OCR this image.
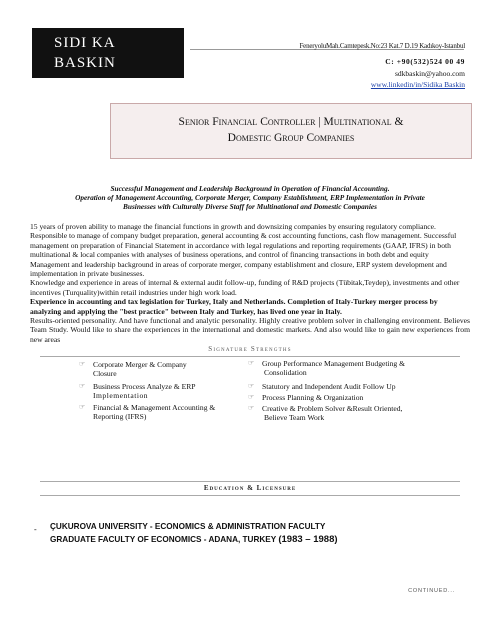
SIDI KA
BASKIN
FeneryoluMah.Camtepesk.No:23 Kat.7 D.19 Kadıkoy-Istanbul
C: +90(532)524 00 49
sdkbaskin@yahoo.com
www.linkedin/in/Sidika Baskin
Senior Financial Controller | Multinational &
Domestic Group Companies
Successful Management and Leadership Background in Operation of Financial Accounting.
Operation of Management Accounting, Corporate Merger, Company Establishment, ERP Implementation in Private
Businesses with Culturally Diverse Staff for Multinational and Domestic Companies

15 years of proven ability to manage the financial functions in growth and downsizing companies by ensuring regulatory compliance. Responsible to manage of company budget preparation, general accounting & cost accounting functions, cash flow management. Successful management on preparation of Financial Statement in accordance with legal regulations and reporting requirements (GAAP, IFRS) in both multinational & local companies with analyses of business operations, and control of financing transactions in both debt and equity

Management and leadership background in areas of corporate merger, company establishment and closure, ERP system development and implementation in private businesses.

Knowledge and experience in areas of internal & external audit follow-up, funding of R&D projects (Tübitak,Teydep), investments and other incentives (Turquality)within retail industries under high work load.

Experience in accounting and tax legislation for Turkey, Italy and Netherlands. Completion of Italy-Turkey merger process by analyzing and applying the "best practice" between Italy and Turkey, has lived one year in Italy.

Results-oriented personality. And have functional and analytic personality. Highly creative problem solver in challenging environment. Believes Team Study. Would like to share the experiences in the international and domestic markets. And also would like to gain new experiences from new areas

Signature Strengths
☞ Corporate Merger & Company
Closure
☞ Business Process Analyze & ERP
Implementation
☞ Financial & Management Accounting &
Reporting (IFRS)
☞ Group Performance Management Budgeting &
Consolidation
☞ Statutory and Independent Audit Follow Up
☞ Process Planning & Organization
☞ Creative & Problem Solver &Result Oriented,
Believe Team Work
Education & Licensure
- ÇUKUROVA UNIVERSITY - ECONOMICS & ADMINISTRATION FACULTY
GRADUATE FACULTY OF ECONOMICS - ADANA, TURKEY (1983 – 1988)
CONTINUED...
